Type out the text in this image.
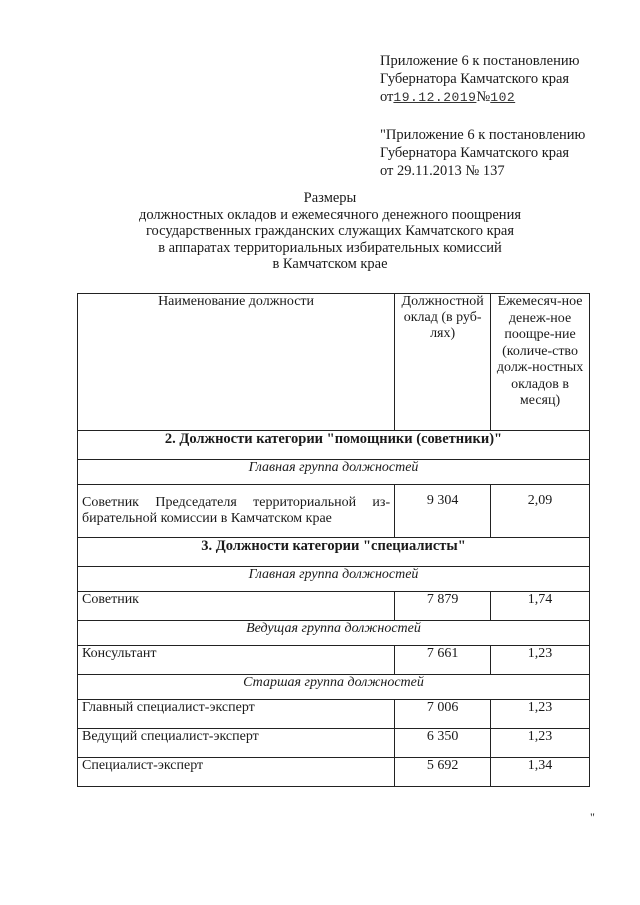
Приложение 6 к постановлению
Губернатора Камчатского края
от19.12.2019№102
"Приложение 6 к постановлению
Губернатора Камчатского края
от 29.11.2013 № 137
Размеры
должностных окладов и ежемесячного денежного поощрения
государственных гражданских служащих Камчатского края
в аппаратах территориальных избирательных комиссий
в Камчатском крае
Наименование должности	Должностной оклад (в руб-лях)	Ежемесяч-ное денеж-ное поощре-ние (количе-ство долж-ностных окладов в месяц)
2. Должности категории "помощники (советники)"		
Главная группа должностей		
Советник Председателя территориальной из-бирательной комиссии в Камчатском крае	9 304	2,09
3. Должности категории "специалисты"		
Главная группа должностей		
Советник	7 879	1,74
Ведущая группа должностей		
Консультант	7 661	1,23
Старшая группа должностей		
Главный специалист-эксперт	7 006	1,23
Ведущий специалист-эксперт	6 350	1,23
Специалист-эксперт	5 692	1,34
"
